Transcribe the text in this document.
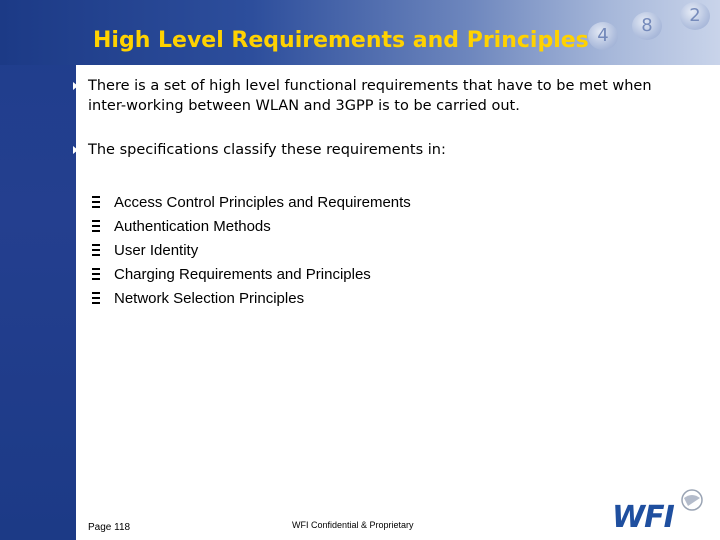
4	8	2
High Level Requirements and Principles
There is a set of high level functional requirements that have to be met when inter-working between WLAN and 3GPP is to be carried out.
The specifications classify these requirements in:
Access Control Principles and Requirements
Authentication Methods
User Identity
Charging Requirements and Principles
Network Selection Principles
Page 118	WFI Confidential & Proprietary	WFI
